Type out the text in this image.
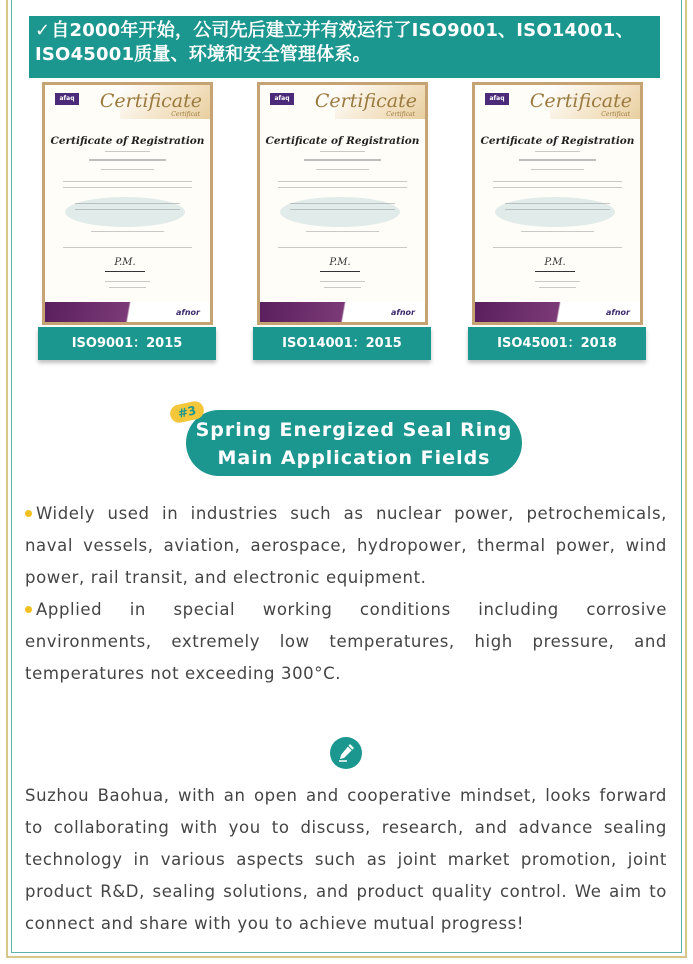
✓自2000年开始，公司先后建立并有效运行了ISO9001、ISO14001、ISO45001质量、环境和安全管理体系。
afaq Certificate
Certificat
Certificate of Registration
P.M.
afnor
ISO9001：2015
afaq Certificate
Certificat
Certificate of Registration
P.M.
afnor
ISO14001：2015
afaq Certificate
Certificat
Certificate of Registration
P.M.
afnor
ISO45001：2018
Spring Energized Seal Ring
Main Application Fields
#3

Widely used in industries such as nuclear power, petrochemicals, naval vessels, aviation, aerospace, hydropower, thermal power, wind power, rail transit, and electronic equipment.

Applied in special working conditions including corrosive environments, extremely low temperatures, high pressure, and temperatures not exceeding 300°C.

Suzhou Baohua, with an open and cooperative mindset, looks forward to collaborating with you to discuss, research, and advance sealing technology in various aspects such as joint market promotion, joint product R&D, sealing solutions, and product quality control. We aim to connect and share with you to achieve mutual progress!
